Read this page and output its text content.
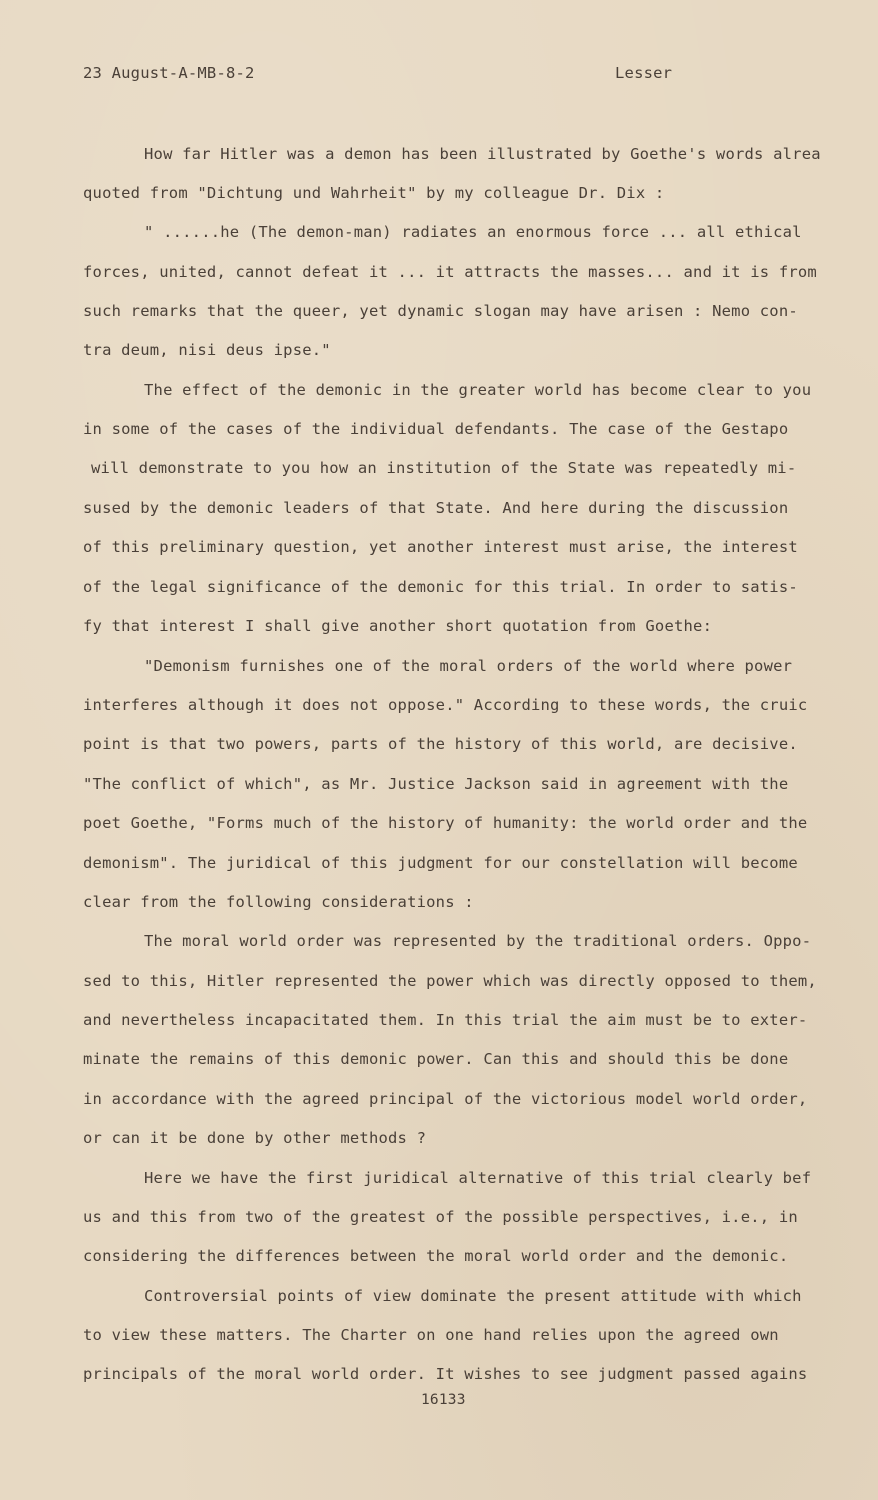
23 August-A-MB-8-2	Lesser
How far Hitler was a demon has been illustrated by Goethe's words alrea
quoted from "Dichtung und Wahrheit" by my colleague Dr. Dix :
" ......he (The demon-man) radiates an enormous force ... all ethical
forces, united, cannot defeat it ... it attracts the masses... and it is from
such remarks that the queer, yet dynamic slogan may have arisen : Nemo con-
tra deum, nisi deus ipse."
The effect of the demonic in the greater world has become clear to you
in some of the cases of the individual defendants. The case of the Gestapo
will demonstrate to you how an institution of the State was repeatedly mi-
sused by the demonic leaders of that State. And here during the discussion
of this preliminary question, yet another interest must arise, the interest
of the legal significance of the demonic for this trial. In order to satis-
fy that interest I shall give another short quotation from Goethe:
"Demonism furnishes one of the moral orders of the world where power
interferes although it does not oppose." According to these words, the cruic
point is that two powers, parts of the history of this world, are decisive.
"The conflict of which", as Mr. Justice Jackson said in agreement with the
poet Goethe, "Forms much of the history of humanity: the world order and the
demonism". The juridical of this judgment for our constellation will become
clear from the following considerations :
The moral world order was represented by the traditional orders. Oppo-
sed to this, Hitler represented the power which was directly opposed to them,
and nevertheless incapacitated them. In this trial the aim must be to exter-
minate the remains of this demonic power. Can this and should this be done
in accordance with the agreed principal of the victorious model world order,
or can it be done by other methods ?
Here we have the first juridical alternative of this trial clearly bef
us and this from two of the greatest of the possible perspectives, i.e., in
considering the differences between the moral world order and the demonic.
Controversial points of view dominate the present attitude with which
to view these matters. The Charter on one hand relies upon the agreed own
principals of the moral world order. It wishes to see judgment passed agains
16133
